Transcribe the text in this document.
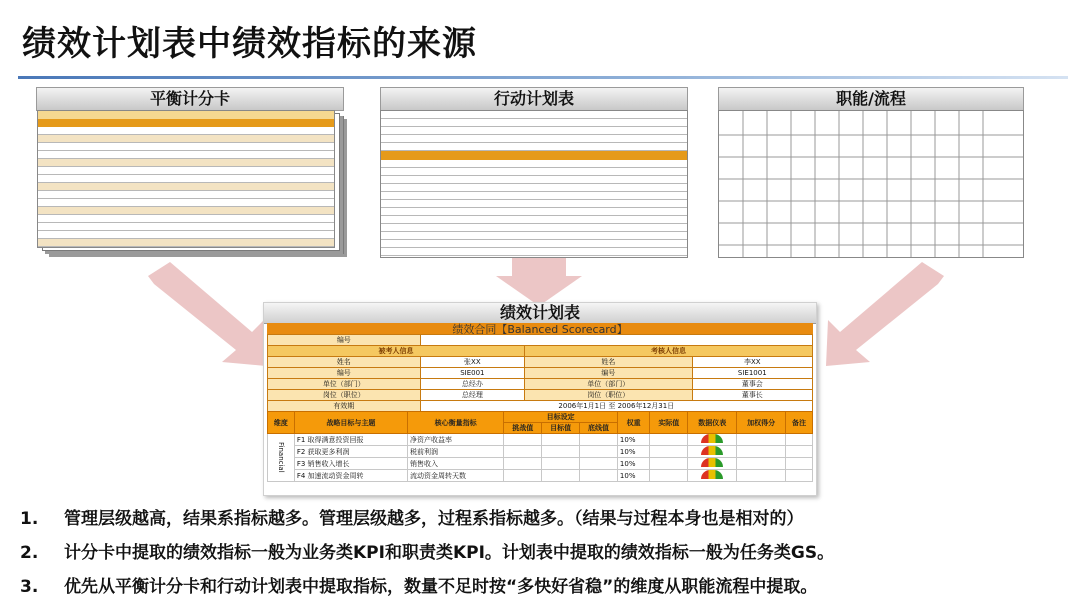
绩效计划表中绩效指标的来源
平衡计分卡	行动计划表	职能/流程
绩效计划表
绩效合同【Balanced Scorecard】
编号			
被考人信息		考核人信息	
姓名	张XX	姓名	李XX
编号	SIE001	编号	SIE1001
单位（部门）	总经办	单位（部门）	董事会
岗位（职位）	总经理	岗位（职位）	董事长
有效期	2006年1月1日 至 2006年12月31日		
维度	战略目标与主题	核心衡量指标	目标设定			权重	实际值	数据仪表	加权得分	备注
			挑战值	目标值	底线值					
Financial	F1 取得满意投资回报	净资产收益率				10%				
	F2 获取更多利润	税前利润				10%				
	F3 销售收入增长	销售收入				10%				
	F4 加速流动资金周转	流动资金周转天数				10%				
1. 管理层级越高，结果系指标越多。管理层级越多，过程系指标越多。（结果与过程本身也是相对的）
2. 计分卡中提取的绩效指标一般为业务类KPI和职责类KPI。计划表中提取的绩效指标一般为任务类GS。
3. 优先从平衡计分卡和行动计划表中提取指标，数量不足时按“多快好省稳”的维度从职能流程中提取。
